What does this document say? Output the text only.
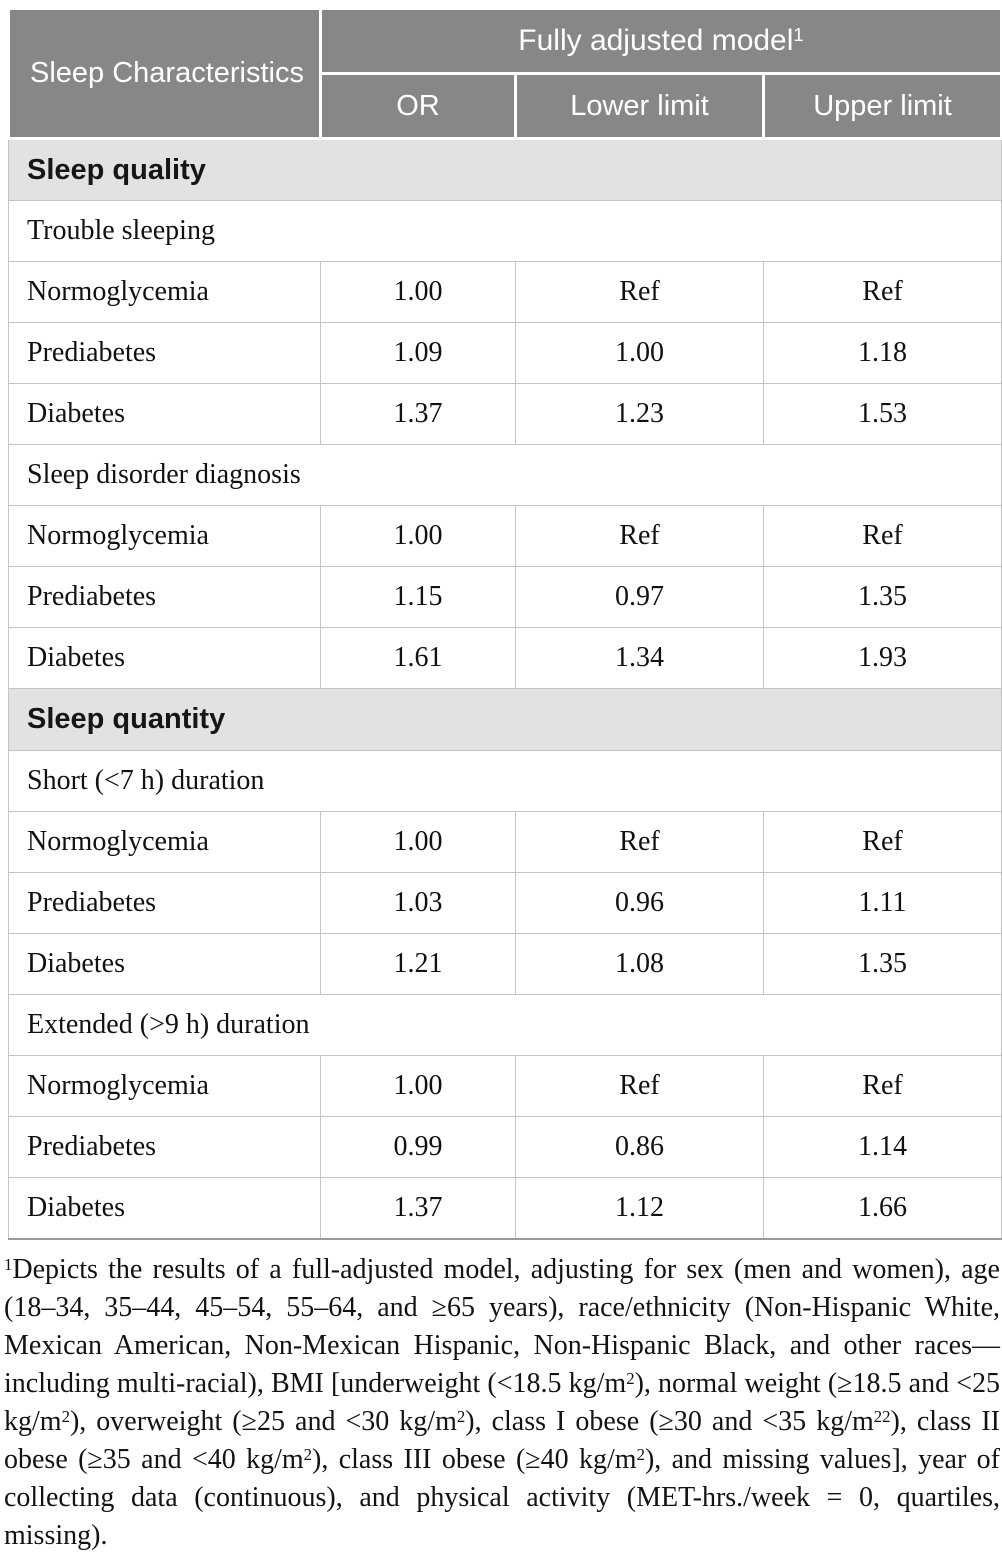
Sleep Characteristics	Fully adjusted model$^1$
	OR	Lower limit	Upper limit
Sleep quality			
Trouble sleeping			
Normoglycemia	1.00	Ref	Ref
Prediabetes	1.09	1.00	1.18
Diabetes	1.37	1.23	1.53
Sleep disorder diagnosis			
Normoglycemia	1.00	Ref	Ref
Prediabetes	1.15	0.97	1.35
Diabetes	1.61	1.34	1.93
Sleep quantity			
Short (<7 h) duration			
Normoglycemia	1.00	Ref	Ref
Prediabetes	1.03	0.96	1.11
Diabetes	1.21	1.08	1.35
Extended (>9 h) duration			
Normoglycemia	1.00	Ref	Ref
Prediabetes	0.99	0.86	1.14
Diabetes	1.37	1.12	1.66

$^1$Depicts the results of a full-adjusted model, adjusting for sex (men and women), age (18–34, 35–44, 45–54, 55–64, and ≥65 years), race/ethnicity (Non-Hispanic White, Mexican American, Non-Mexican Hispanic, Non-Hispanic Black, and other races—including multi-racial), BMI [underweight (<18.5 $kg/m^2$), normal weight (≥18.5 and <25 $kg/m^2$), overweight (≥25 and <30 $kg/m^2$), class I obese (≥30 and <35 $kg/m^{22}$), class II obese (≥35 and <40 $kg/m^2$), class III obese (≥40 $kg/m^2$), and missing values], year of collecting data (continuous), and physical activity (MET-hrs./week = 0, quartiles, missing).
